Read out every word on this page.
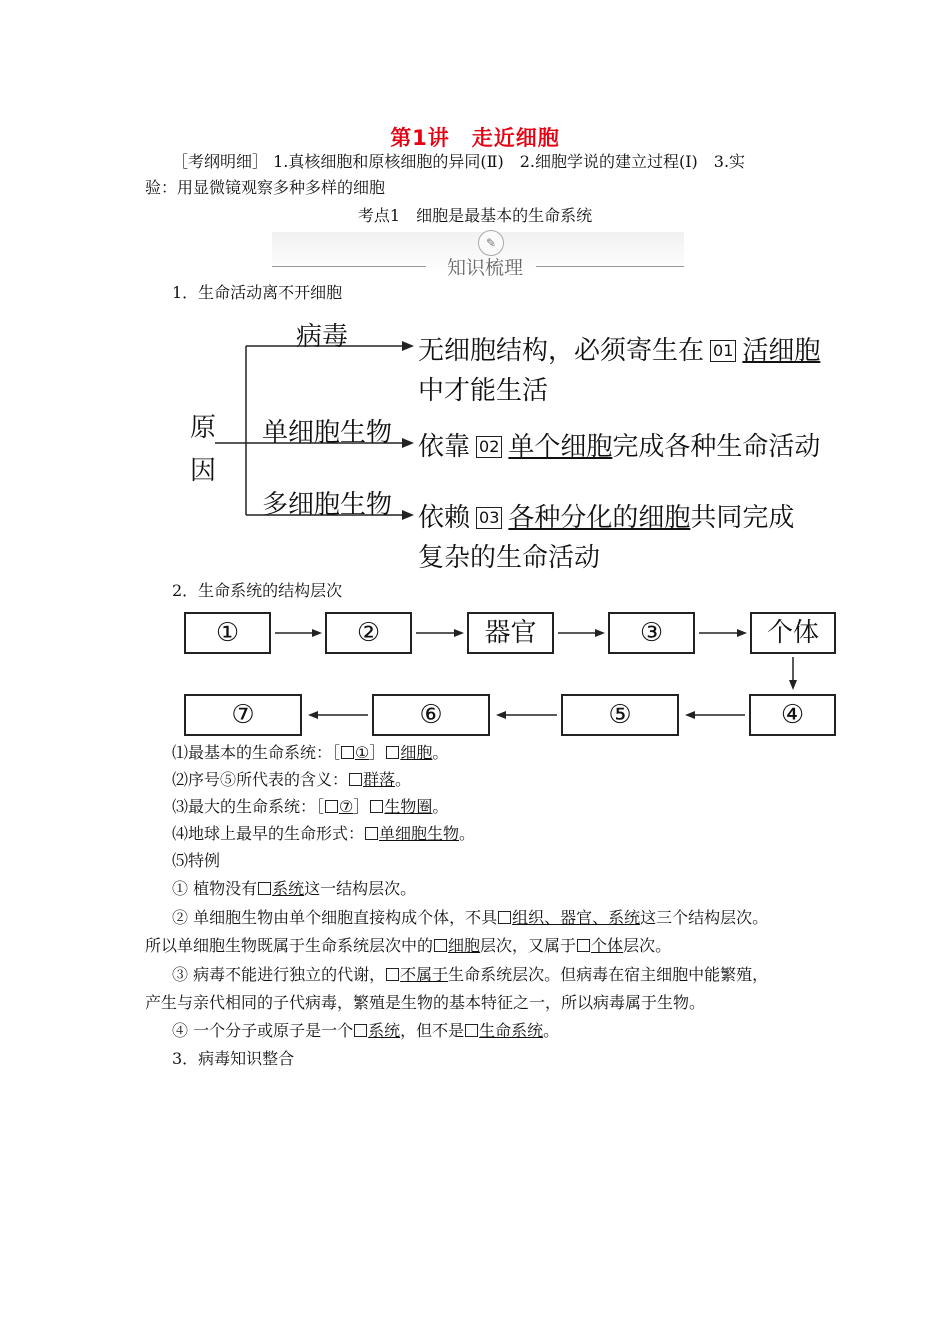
第1讲　走近细胞
［考纲明细］ 1.真核细胞和原核细胞的异同(Ⅱ)　2.细胞学说的建立过程(Ⅰ)　3.实
验：用显微镜观察多种多样的细胞
考点1　细胞是最基本的生命系统
✎
知识梳理
1．生命活动离不开细胞
原
因
病毒
单细胞生物
多细胞生物
无细胞结构，必须寄生在 01 活细胞
中才能生活
依靠 02 单个细胞完成各种生命活动
依赖 03 各种分化的细胞共同完成
复杂的生命活动
2．生命系统的结构层次
①	②	器官	③	个体
⑦	⑥	⑤	④
⑴最基本的生命系统：［ ①］ 细胞。
⑵序号⑤所代表的含义： 群落。
⑶最大的生命系统：［ ⑦］ 生物圈。
⑷地球上最早的生命形式： 单细胞生物。
⑸特例
① 植物没有 系统这一结构层次。
② 单细胞生物由单个细胞直接构成个体，不具 组织、器官、系统这三个结构层次。
所以单细胞生物既属于生命系统层次中的 细胞层次，又属于 个体层次。
③ 病毒不能进行独立的代谢， 不属于生命系统层次。但病毒在宿主细胞中能繁殖，
产生与亲代相同的子代病毒，繁殖是生物的基本特征之一，所以病毒属于生物。
④ 一个分子或原子是一个 系统，但不是 生命系统。
3．病毒知识整合
